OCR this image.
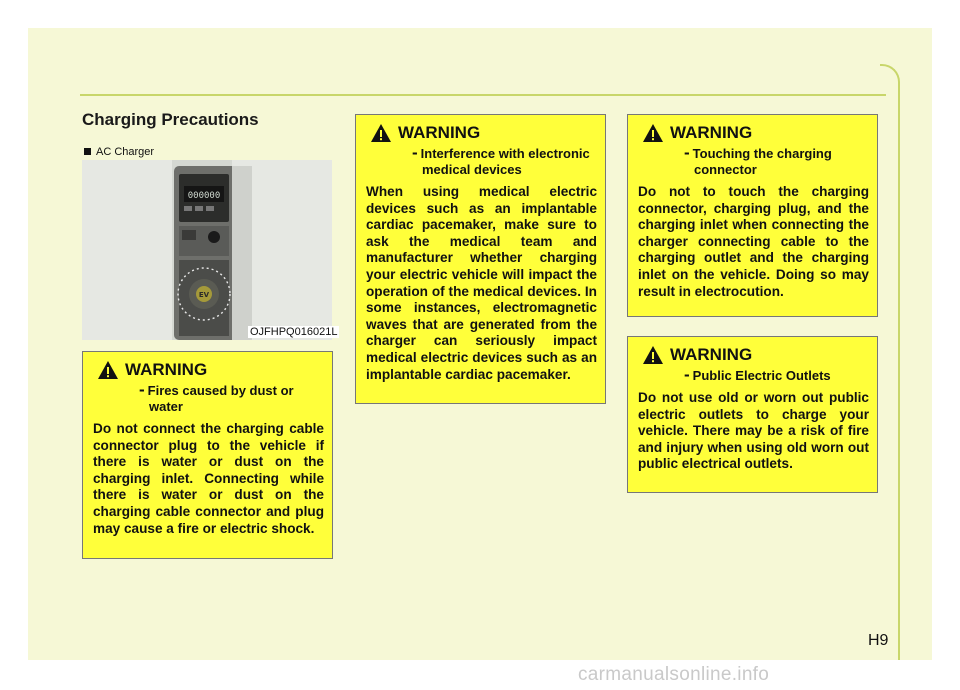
Charging Precautions
AC Charger
000000
EV
OJFHPQ016021L
WARNING
- Fires caused by dust or water
Do not connect the charging cable connector plug to the vehicle if there is water or dust on the charging inlet. Connecting while there is water or dust on the charging cable connector and plug may cause a fire or electric shock.
WARNING
- Interference with electronic medical devices
When using medical electric devices such as an implantable cardiac pacemaker, make sure to ask the medical team and manufacturer whether charging your electric vehicle will impact the operation of the medical devices. In some instances, electromagnetic waves that are generated from the charger can seriously impact medical electric devices such as an implantable cardiac pacemaker.
WARNING
- Touching the charging connector
Do not to touch the charging connector, charging plug, and the charging inlet when connecting the charger connecting cable to the charging outlet and the charging inlet on the vehicle. Doing so may result in electrocution.
WARNING
- Public Electric Outlets
Do not use old or worn out public electric outlets to charge your vehicle. There may be a risk of fire and injury when using old worn out public electrical outlets.
H9
carmanualsonline.info
